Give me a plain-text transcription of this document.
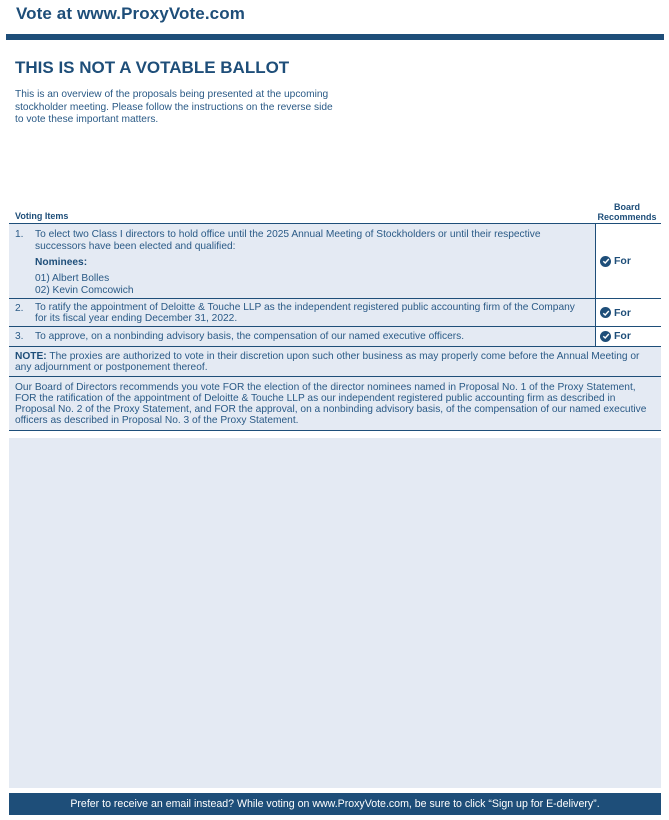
Vote at www.ProxyVote.com
THIS IS NOT A VOTABLE BALLOT
This is an overview of the proposals being presented at the upcoming stockholder meeting. Please follow the instructions on the reverse side to vote these important matters.
Voting Items
Board
Recommends
1. To elect two Class I directors to hold office until the 2025 Annual Meeting of Stockholders or until their respective successors have been elected and qualified:
Nominees:
01) Albert Bolles
02) Kevin Comcowich
For
2. To ratify the appointment of Deloitte & Touche LLP as the independent registered public accounting firm of the Company for its fiscal year ending December 31, 2022.	For
3. To approve, on a nonbinding advisory basis, the compensation of our named executive officers.	For
NOTE: The proxies are authorized to vote in their discretion upon such other business as may properly come before the Annual Meeting or any adjournment or postponement thereof.
Our Board of Directors recommends you vote FOR the election of the director nominees named in Proposal No. 1 of the Proxy Statement, FOR the ratification of the appointment of Deloitte & Touche LLP as our independent registered public accounting firm as described in Proposal No. 2 of the Proxy Statement, and FOR the approval, on a nonbinding advisory basis, of the compensation of our named executive officers as described in Proposal No. 3 of the Proxy Statement.
Prefer to receive an email instead? While voting on www.ProxyVote.com, be sure to click “Sign up for E-delivery”.
